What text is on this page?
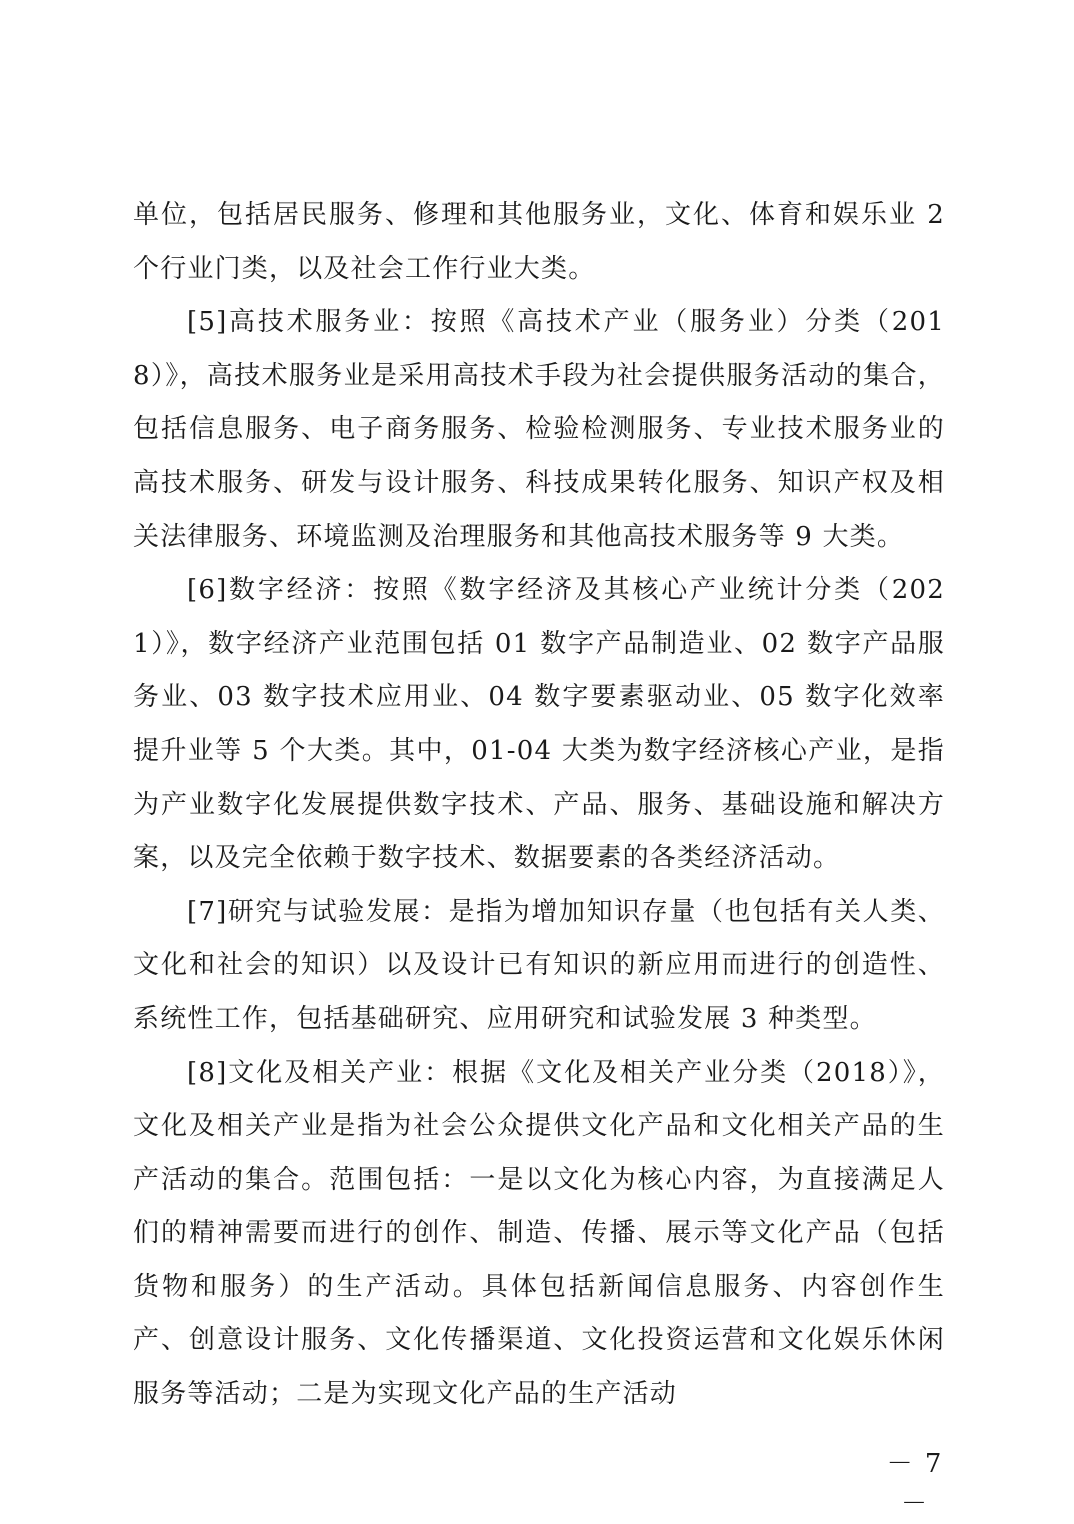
单位，包括居民服务、修理和其他服务业，文化、体育和娱乐业 2 个行业门类，以及社会工作行业大类。

[5]高技术服务业：按照《高技术产业（服务业）分类（2018）》，高技术服务业是采用高技术手段为社会提供服务活动的集合，包括信息服务、电子商务服务、检验检测服务、专业技术服务业的高技术服务、研发与设计服务、科技成果转化服务、知识产权及相关法律服务、环境监测及治理服务和其他高技术服务等 9 大类。

[6]数字经济：按照《数字经济及其核心产业统计分类（2021）》，数字经济产业范围包括 01 数字产品制造业、02 数字产品服务业、03 数字技术应用业、04 数字要素驱动业、05 数字化效率提升业等 5 个大类。其中，01-04 大类为数字经济核心产业，是指为产业数字化发展提供数字技术、产品、服务、基础设施和解决方案，以及完全依赖于数字技术、数据要素的各类经济活动。

[7]研究与试验发展：是指为增加知识存量（也包括有关人类、文化和社会的知识）以及设计已有知识的新应用而进行的创造性、系统性工作，包括基础研究、应用研究和试验发展 3 种类型。

[8]文化及相关产业：根据《文化及相关产业分类（2018）》，文化及相关产业是指为社会公众提供文化产品和文化相关产品的生产活动的集合。范围包括：一是以文化为核心内容，为直接满足人们的精神需要而进行的创作、制造、传播、展示等文化产品（包括货物和服务）的生产活动。具体包括新闻信息服务、内容创作生产、创意设计服务、文化传播渠道、文化投资运营和文化娱乐休闲服务等活动；二是为实现文化产品的生产活动

－ 7 －
